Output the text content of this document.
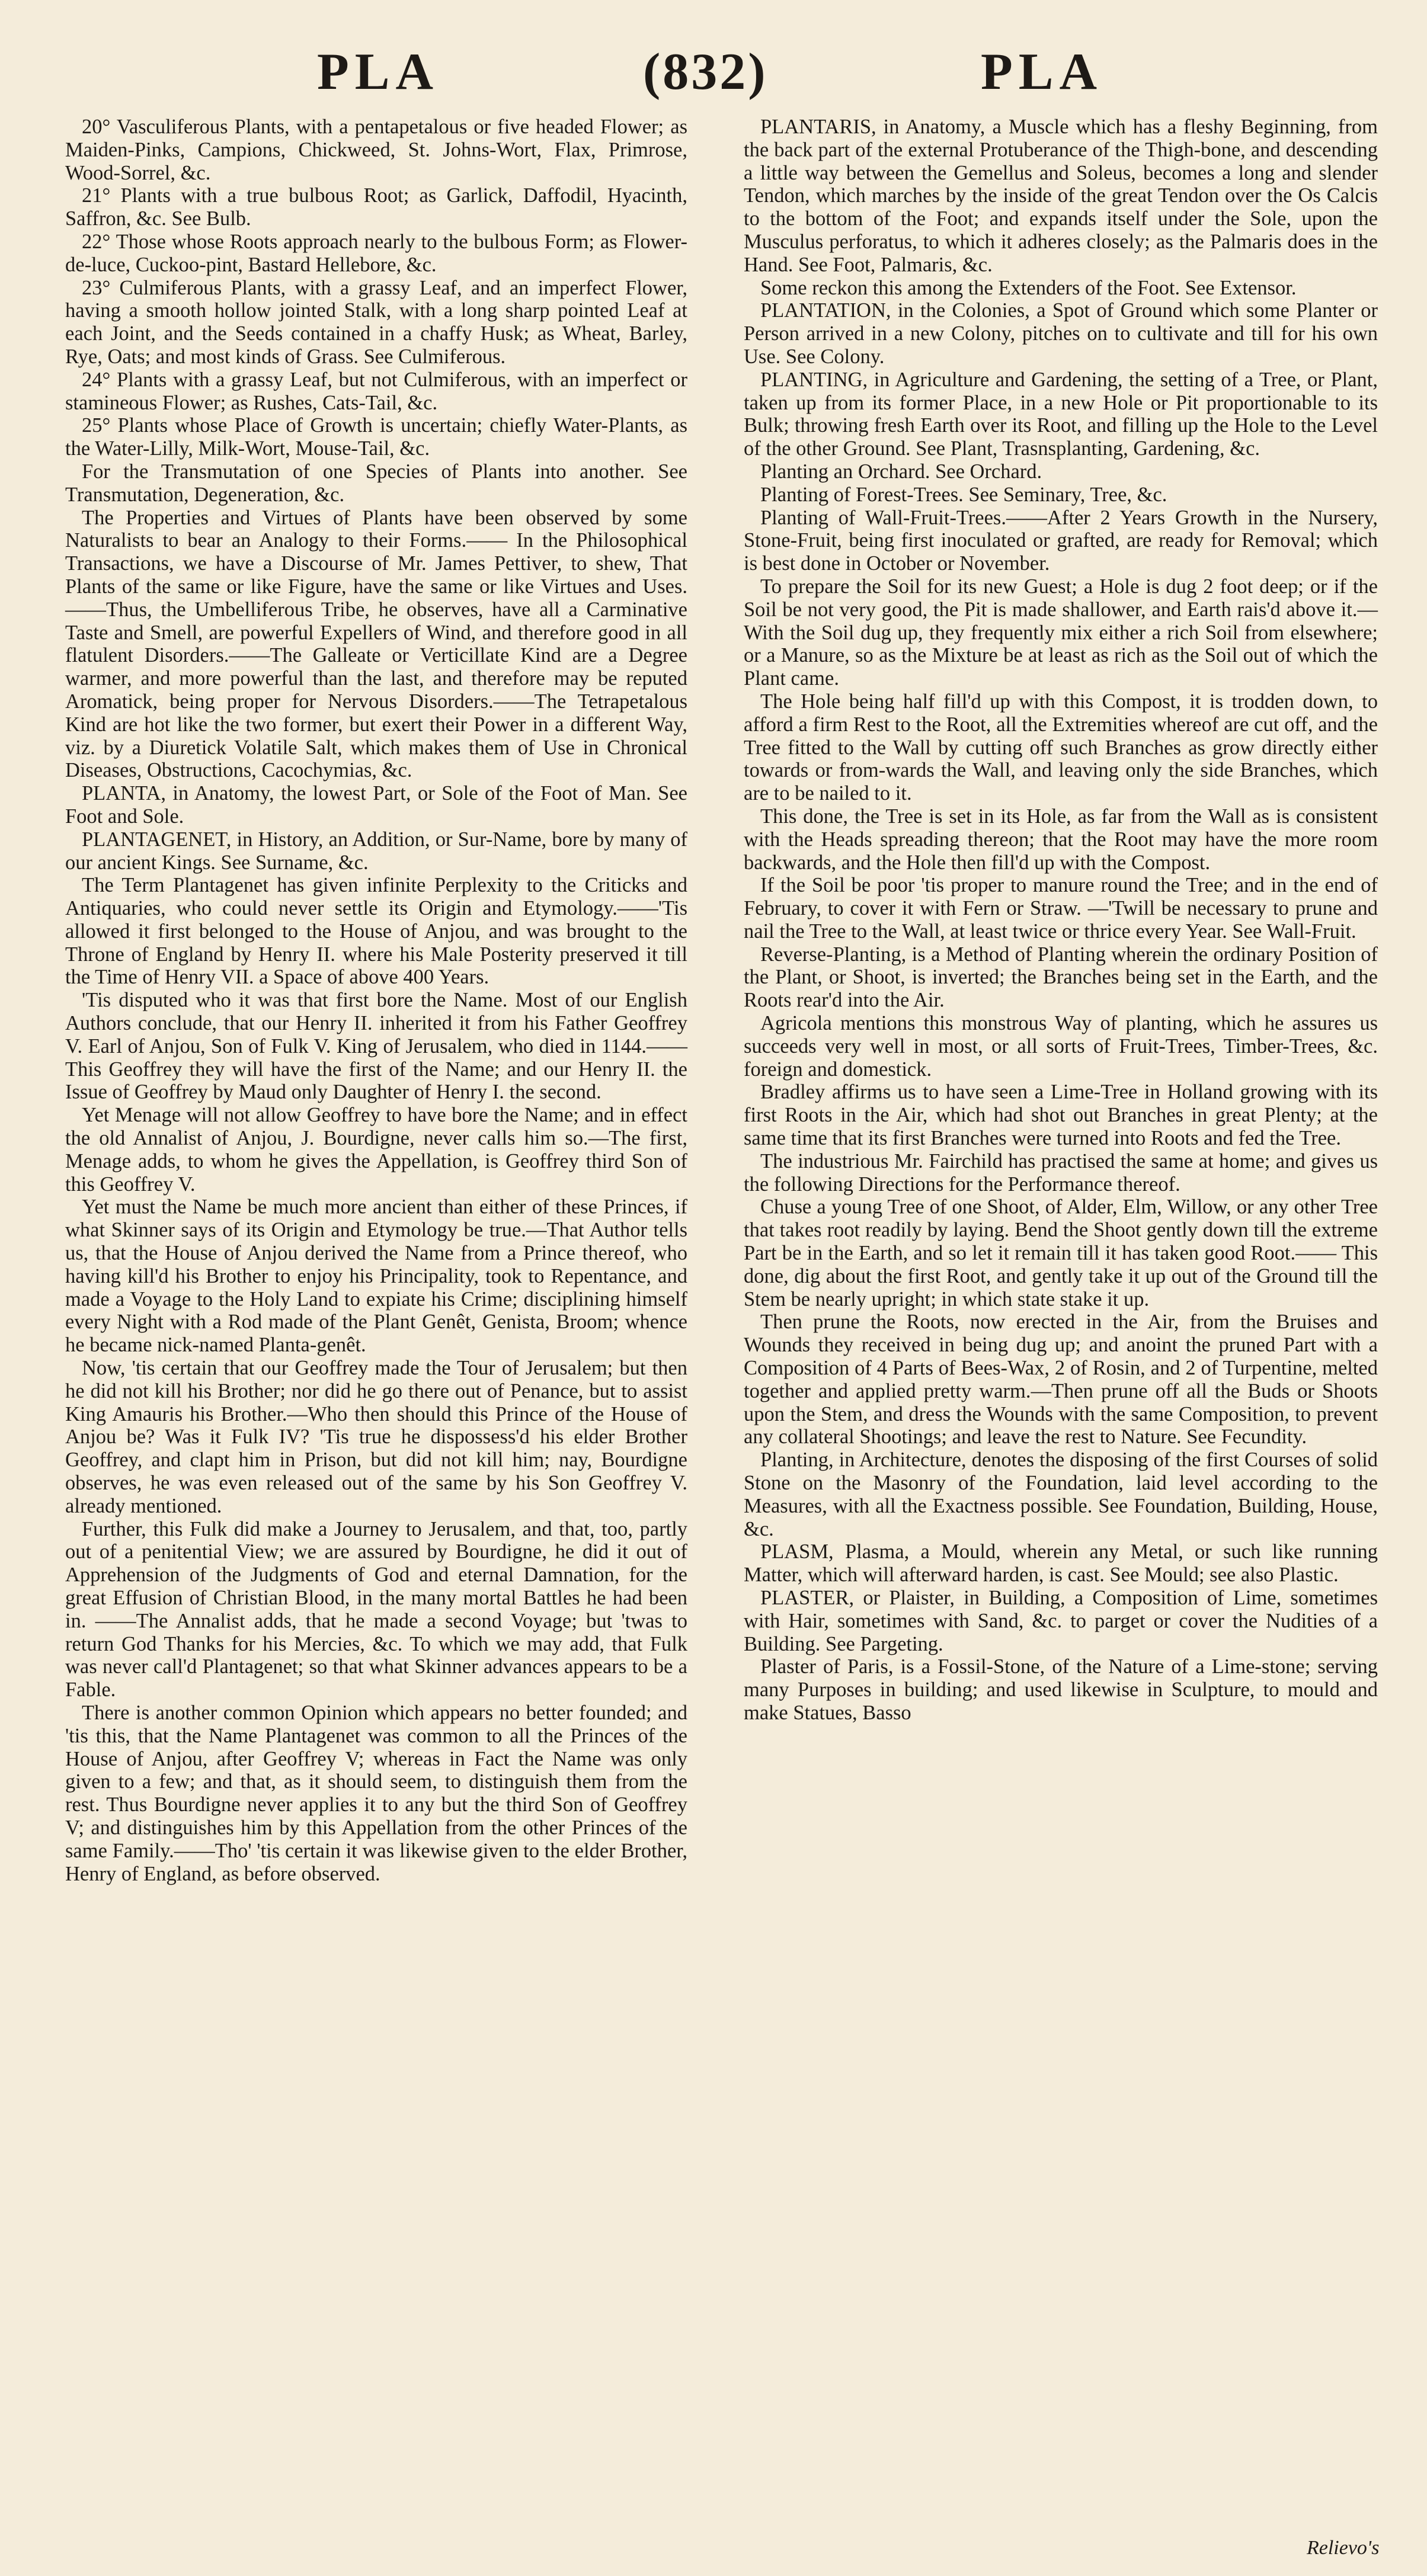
PLA	(832)	PLA

20° Vasculiferous Plants, with a pentapetalous or five headed Flower; as Maiden-Pinks, Campions, Chickweed, St. Johns-Wort, Flax, Primrose, Wood-Sorrel, &c.

21° Plants with a true bulbous Root; as Garlick, Daffodil, Hyacinth, Saffron, &c. See Bulb.

22° Those whose Roots approach nearly to the bulbous Form; as Flower-de-luce, Cuckoo-pint, Bastard Hellebore, &c.

23° Culmiferous Plants, with a grassy Leaf, and an imperfect Flower, having a smooth hollow jointed Stalk, with a long sharp pointed Leaf at each Joint, and the Seeds contained in a chaffy Husk; as Wheat, Barley, Rye, Oats; and most kinds of Grass. See Culmiferous.

24° Plants with a grassy Leaf, but not Culmiferous, with an imperfect or stamineous Flower; as Rushes, Cats-Tail, &c.

25° Plants whose Place of Growth is uncertain; chiefly Water-Plants, as the Water-Lilly, Milk-Wort, Mouse-Tail, &c.

For the Transmutation of one Species of Plants into another. See Transmutation, Degeneration, &c.

The Properties and Virtues of Plants have been observed by some Naturalists to bear an Analogy to their Forms.—— In the Philosophical Transactions, we have a Discourse of Mr. James Pettiver, to shew, That Plants of the same or like Figure, have the same or like Virtues and Uses.——Thus, the Umbelliferous Tribe, he observes, have all a Carminative Taste and Smell, are powerful Expellers of Wind, and therefore good in all flatulent Disorders.——The Galleate or Verticillate Kind are a Degree warmer, and more powerful than the last, and therefore may be reputed Aromatick, being proper for Nervous Disorders.——The Tetrapetalous Kind are hot like the two former, but exert their Power in a different Way, viz. by a Diuretick Volatile Salt, which makes them of Use in Chronical Diseases, Obstructions, Cacochymias, &c.

PLANTA, in Anatomy, the lowest Part, or Sole of the Foot of Man. See Foot and Sole.

PLANTAGENET, in History, an Addition, or Sur-Name, bore by many of our ancient Kings. See Surname, &c.

The Term Plantagenet has given infinite Perplexity to the Criticks and Antiquaries, who could never settle its Origin and Etymology.——'Tis allowed it first belonged to the House of Anjou, and was brought to the Throne of England by Henry II. where his Male Posterity preserved it till the Time of Henry VII. a Space of above 400 Years.

'Tis disputed who it was that first bore the Name. Most of our English Authors conclude, that our Henry II. inherited it from his Father Geoffrey V. Earl of Anjou, Son of Fulk V. King of Jerusalem, who died in 1144.——This Geoffrey they will have the first of the Name; and our Henry II. the Issue of Geoffrey by Maud only Daughter of Henry I. the second.

Yet Menage will not allow Geoffrey to have bore the Name; and in effect the old Annalist of Anjou, J. Bourdigne, never calls him so.—The first, Menage adds, to whom he gives the Appellation, is Geoffrey third Son of this Geoffrey V.

Yet must the Name be much more ancient than either of these Princes, if what Skinner says of its Origin and Etymology be true.—That Author tells us, that the House of Anjou derived the Name from a Prince thereof, who having kill'd his Brother to enjoy his Principality, took to Repentance, and made a Voyage to the Holy Land to expiate his Crime; disciplining himself every Night with a Rod made of the Plant Genêt, Genista, Broom; whence he became nick-named Planta-genêt.

Now, 'tis certain that our Geoffrey made the Tour of Jerusalem; but then he did not kill his Brother; nor did he go there out of Penance, but to assist King Amauris his Brother.—Who then should this Prince of the House of Anjou be? Was it Fulk IV? 'Tis true he dispossess'd his elder Brother Geoffrey, and clapt him in Prison, but did not kill him; nay, Bourdigne observes, he was even released out of the same by his Son Geoffrey V. already mentioned.

Further, this Fulk did make a Journey to Jerusalem, and that, too, partly out of a penitential View; we are assured by Bourdigne, he did it out of Apprehension of the Judgments of God and eternal Damnation, for the great Effusion of Christian Blood, in the many mortal Battles he had been in. ——The Annalist adds, that he made a second Voyage; but 'twas to return God Thanks for his Mercies, &c. To which we may add, that Fulk was never call'd Plantagenet; so that what Skinner advances appears to be a Fable.

There is another common Opinion which appears no better founded; and 'tis this, that the Name Plantagenet was common to all the Princes of the House of Anjou, after Geoffrey V; whereas in Fact the Name was only given to a few; and that, as it should seem, to distinguish them from the rest. Thus Bourdigne never applies it to any but the third Son of Geoffrey V; and distinguishes him by this Appellation from the other Princes of the same Family.——Tho' 'tis certain it was likewise given to the elder Brother, Henry of England, as before observed.

PLANTARIS, in Anatomy, a Muscle which has a fleshy Beginning, from the back part of the external Protuberance of the Thigh-bone, and descending a little way between the Gemellus and Soleus, becomes a long and slender Tendon, which marches by the inside of the great Tendon over the Os Calcis to the bottom of the Foot; and expands itself under the Sole, upon the Musculus perforatus, to which it adheres closely; as the Palmaris does in the Hand. See Foot, Palmaris, &c.

Some reckon this among the Extenders of the Foot. See Extensor.

PLANTATION, in the Colonies, a Spot of Ground which some Planter or Person arrived in a new Colony, pitches on to cultivate and till for his own Use. See Colony.

PLANTING, in Agriculture and Gardening, the setting of a Tree, or Plant, taken up from its former Place, in a new Hole or Pit proportionable to its Bulk; throwing fresh Earth over its Root, and filling up the Hole to the Level of the other Ground. See Plant, Trasnsplanting, Gardening, &c.

Planting an Orchard. See Orchard.

Planting of Forest-Trees. See Seminary, Tree, &c.

Planting of Wall-Fruit-Trees.——After 2 Years Growth in the Nursery, Stone-Fruit, being first inoculated or grafted, are ready for Removal; which is best done in October or November.

To prepare the Soil for its new Guest; a Hole is dug 2 foot deep; or if the Soil be not very good, the Pit is made shallower, and Earth rais'd above it.—With the Soil dug up, they frequently mix either a rich Soil from elsewhere; or a Manure, so as the Mixture be at least as rich as the Soil out of which the Plant came.

The Hole being half fill'd up with this Compost, it is trodden down, to afford a firm Rest to the Root, all the Extremities whereof are cut off, and the Tree fitted to the Wall by cutting off such Branches as grow directly either towards or from-wards the Wall, and leaving only the side Branches, which are to be nailed to it.

This done, the Tree is set in its Hole, as far from the Wall as is consistent with the Heads spreading thereon; that the Root may have the more room backwards, and the Hole then fill'd up with the Compost.

If the Soil be poor 'tis proper to manure round the Tree; and in the end of February, to cover it with Fern or Straw. —'Twill be necessary to prune and nail the Tree to the Wall, at least twice or thrice every Year. See Wall-Fruit.

Reverse-Planting, is a Method of Planting wherein the ordinary Position of the Plant, or Shoot, is inverted; the Branches being set in the Earth, and the Roots rear'd into the Air.

Agricola mentions this monstrous Way of planting, which he assures us succeeds very well in most, or all sorts of Fruit-Trees, Timber-Trees, &c. foreign and domestick.

Bradley affirms us to have seen a Lime-Tree in Holland growing with its first Roots in the Air, which had shot out Branches in great Plenty; at the same time that its first Branches were turned into Roots and fed the Tree.

The industrious Mr. Fairchild has practised the same at home; and gives us the following Directions for the Performance thereof.

Chuse a young Tree of one Shoot, of Alder, Elm, Willow, or any other Tree that takes root readily by laying. Bend the Shoot gently down till the extreme Part be in the Earth, and so let it remain till it has taken good Root.—— This done, dig about the first Root, and gently take it up out of the Ground till the Stem be nearly upright; in which state stake it up.

Then prune the Roots, now erected in the Air, from the Bruises and Wounds they received in being dug up; and anoint the pruned Part with a Composition of 4 Parts of Bees-Wax, 2 of Rosin, and 2 of Turpentine, melted together and applied pretty warm.—Then prune off all the Buds or Shoots upon the Stem, and dress the Wounds with the same Composition, to prevent any collateral Shootings; and leave the rest to Nature. See Fecundity.

Planting, in Architecture, denotes the disposing of the first Courses of solid Stone on the Masonry of the Foundation, laid level according to the Measures, with all the Exactness possible. See Foundation, Building, House, &c.

PLASM, Plasma, a Mould, wherein any Metal, or such like running Matter, which will afterward harden, is cast. See Mould; see also Plastic.

PLASTER, or Plaister, in Building, a Composition of Lime, sometimes with Hair, sometimes with Sand, &c. to parget or cover the Nudities of a Building. See Pargeting.

Plaster of Paris, is a Fossil-Stone, of the Nature of a Lime-stone; serving many Purposes in building; and used likewise in Sculpture, to mould and make Statues, Basso

Relievo's
